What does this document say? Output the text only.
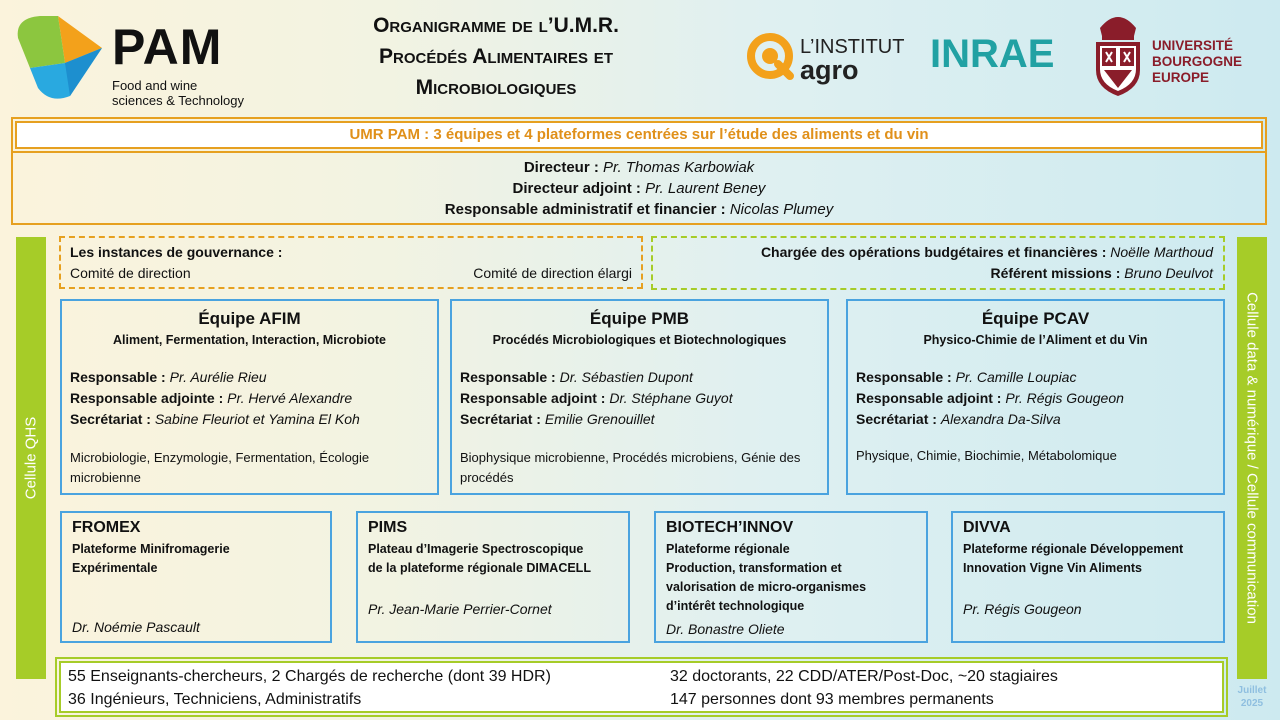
PAM
Food and wine
sciences & Technology
Organigramme de l’U.M.R.
Procédés Alimentaires et
Microbiologiques
L’INSTITUT
agro INRAE	UNIVERSITÉ
BOURGOGNE
EUROPE
UMR PAM : 3 équipes et 4 plateformes centrées sur l’étude des aliments et du vin
Directeur : Pr. Thomas Karbowiak
Directeur adjoint : Pr. Laurent Beney
Responsable administratif et financier : Nicolas Plumey
Cellule QHS	Cellule data & numérique / Cellule communication
Les instances de gouvernance :
Comité de direction	Comité de direction élargi
Chargée des opérations budgétaires et financières : Noëlle Marthoud
Référent missions : Bruno Deulvot
Équipe AFIM
Aliment, Fermentation, Interaction, Microbiote
Responsable : Pr. Aurélie Rieu
Responsable adjointe : Pr. Hervé Alexandre
Secrétariat : Sabine Fleuriot et Yamina El Koh
Microbiologie, Enzymologie, Fermentation, Écologie microbienne
Équipe PMB
Procédés Microbiologiques et Biotechnologiques
Responsable : Dr. Sébastien Dupont
Responsable adjoint : Dr. Stéphane Guyot
Secrétariat : Emilie Grenouillet
Biophysique microbienne, Procédés microbiens, Génie des procédés
Équipe PCAV
Physico-Chimie de l’Aliment et du Vin
Responsable : Pr. Camille Loupiac
Responsable adjoint : Pr. Régis Gougeon
Secrétariat : Alexandra Da-Silva
Physique, Chimie, Biochimie, Métabolomique
FROMEX
Plateforme Minifromagerie
Expérimentale
Dr. Noémie Pascault
PIMS
Plateau d’Imagerie Spectroscopique
de la plateforme régionale DIMACELL
Pr. Jean-Marie Perrier-Cornet
BIOTECH’INNOV
Plateforme régionale
Production, transformation et
valorisation de micro-organismes
d’intérêt technologique
Dr. Bonastre Oliete
DIVVA
Plateforme régionale Développement
Innovation Vigne Vin Aliments
Pr. Régis Gougeon
55 Enseignants-chercheurs, 2 Chargés de recherche (dont 39 HDR)
36 Ingénieurs, Techniciens, Administratifs
32 doctorants, 22 CDD/ATER/Post-Doc, ~20 stagiaires
147 personnes dont 93 membres permanents
Juillet
2025
